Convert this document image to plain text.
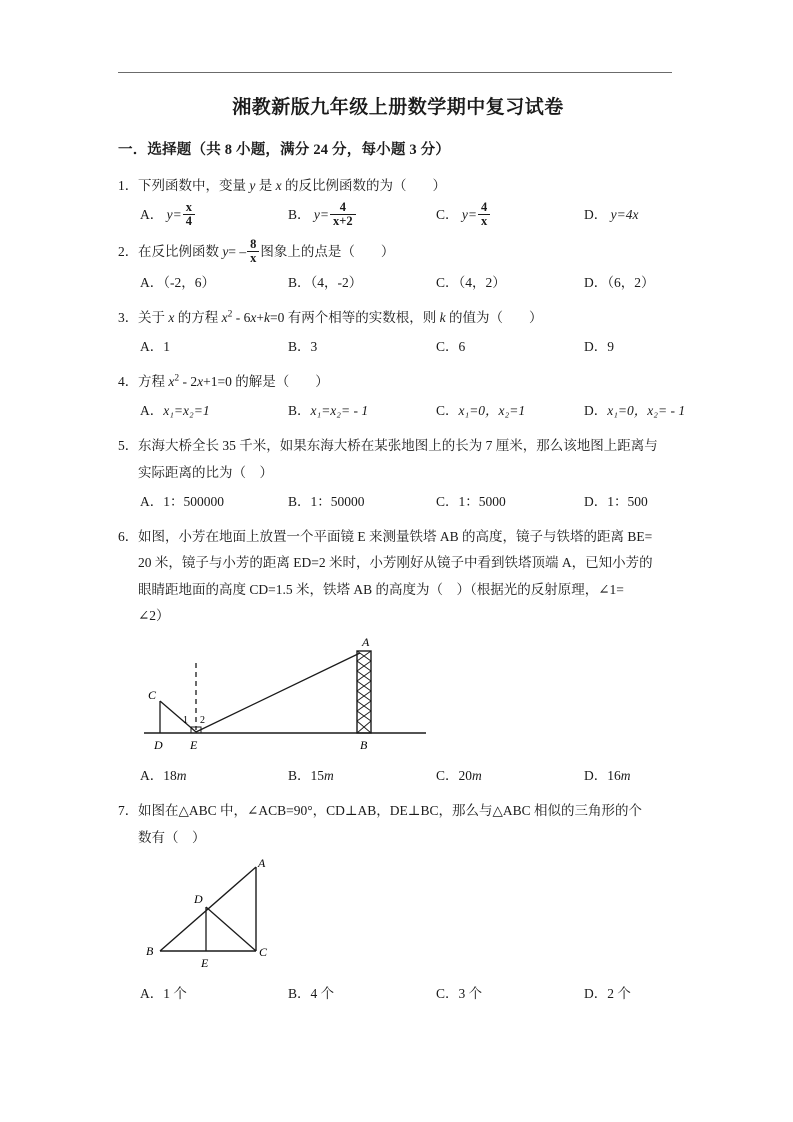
湘教新版九年级上册数学期中复习试卷
一．选择题（共 8 小题，满分 24 分，每小题 3 分）
1． 下列函数中，变量 y 是 x 的反比例函数的为（ ）
A． $y= \frac{x}{4}$	B． $y= \frac{4}{x+2}$	C． $y= \frac{4}{x}$	D． y=4x
2． 在反比例函数 $y= - \frac{8}{x}$ 图象上的点是（ ）
A．（-2，6）	B．（4，-2）	C．（4，2）	D．（6，2）
3． 关于 x 的方程 $x^2 - 6x+k=0$ 有两个相等的实数根，则 k 的值为（ ）
A．1	B．3	C．6	D．9
4． 方程 $x^2 - 2x+1=0$ 的解是（ ）
A．x₁=x₂=1	B．x₁=x₂= - 1	C．x₁=0，x₂=1	D．x₁=0，x₂= - 1
5． 东海大桥全长 35 千米，如果东海大桥在某张地图上的长为 7 厘米，那么该地图上距离与
实际距离的比为（　）
A．1：500000	B．1：50000	C．1：5000	D．1：500
6． 如图，小芳在地面上放置一个平面镜 E 来测量铁塔 AB 的高度，镜子与铁塔的距离 BE=
20 米，镜子与小芳的距离 ED=2 米时，小芳刚好从镜子中看到铁塔顶端 A，已知小芳的
眼睛距地面的高度 CD=1.5 米，铁塔 AB 的高度为（　）（根据光的反射原理，∠1=
∠2）
A
B
C
D E
1 2
A．18m	B．15m	C．20m	D．16m
7． 如图在△ABC 中，∠ACB=90°，CD⊥AB，DE⊥BC，那么与△ABC 相似的三角形的个
数有（　）
A
B	C
D
E
A．1 个	B．4 个	C．3 个	D．2 个
